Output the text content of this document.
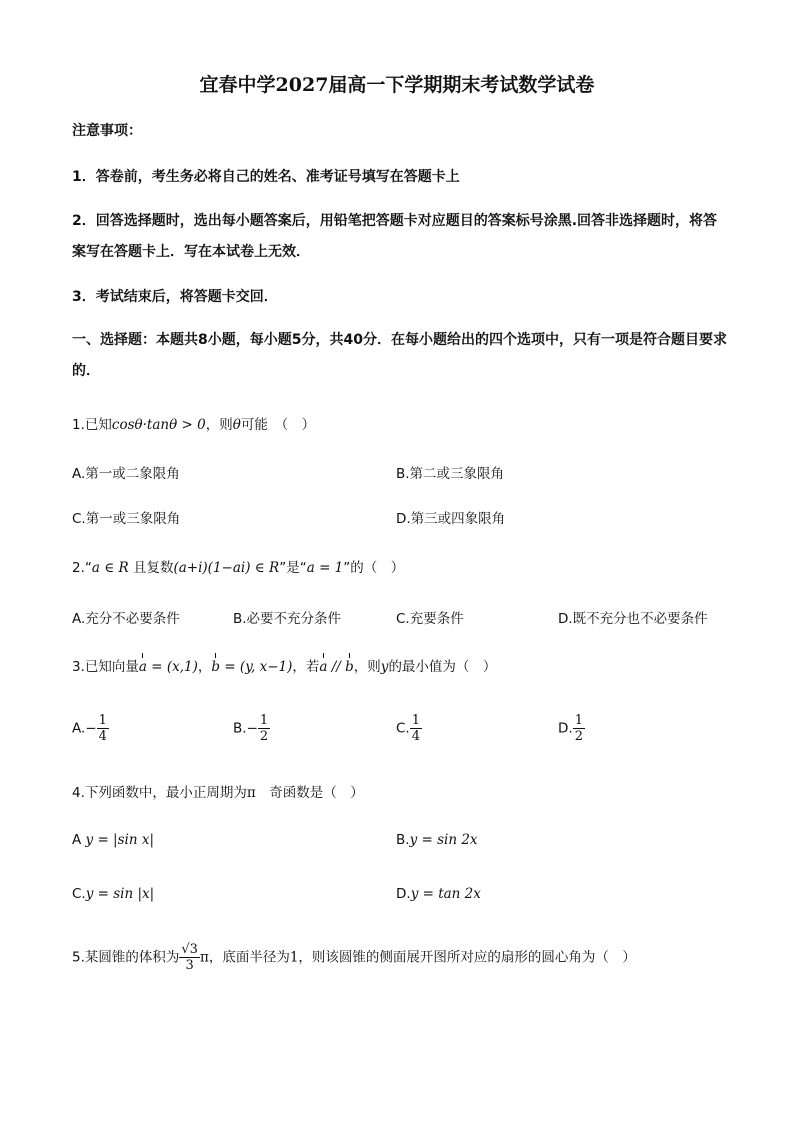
宜春中学2027届高一下学期期末考试数学试卷
注意事项：
1．答卷前，考生务必将自己的姓名、准考证号填写在答题卡上
2．回答选择题时，选出每小题答案后，用铅笔把答题卡对应题目的答案标号涂黑.回答非选择题时，将答案写在答题卡上．写在本试卷上无效．
3．考试结束后，将答题卡交回．
一、选择题：本题共8小题，每小题5分，共40分．在每小题给出的四个选项中，只有一项是符合题目要求的．
1.已知cosθ·tanθ > 0，则θ可能　（　）
A.第一或二象限角	B.第二或三象限角
C.第一或三象限角	D.第三或四象限角
2.“a ∈ R 且复数(a+i)(1−ai) ∈ R”是“a = 1”的（　）
A.充分不必要条件	B.必要不充分条件	C.充要条件	D.既不充分也不必要条件
3.已知向量a = (x,1)，b = (y, x−1)，若a // b，则y的最小值为（　）
$A.- \frac{1}{4}$	$B.- \frac{1}{2}$	C. $\frac{1}{4}$	D. $\frac{1}{2}$
4.下列函数中，最小正周期为π　奇函数是（　）
A y = |sin x|	B.y = sin 2x
C.y = sin |x|	D.y = tan 2x
5.某圆锥的体积为 $\frac{√3}{3}$ π，底面半径为1，则该圆锥的侧面展开图所对应的扇形的圆心角为（　）
